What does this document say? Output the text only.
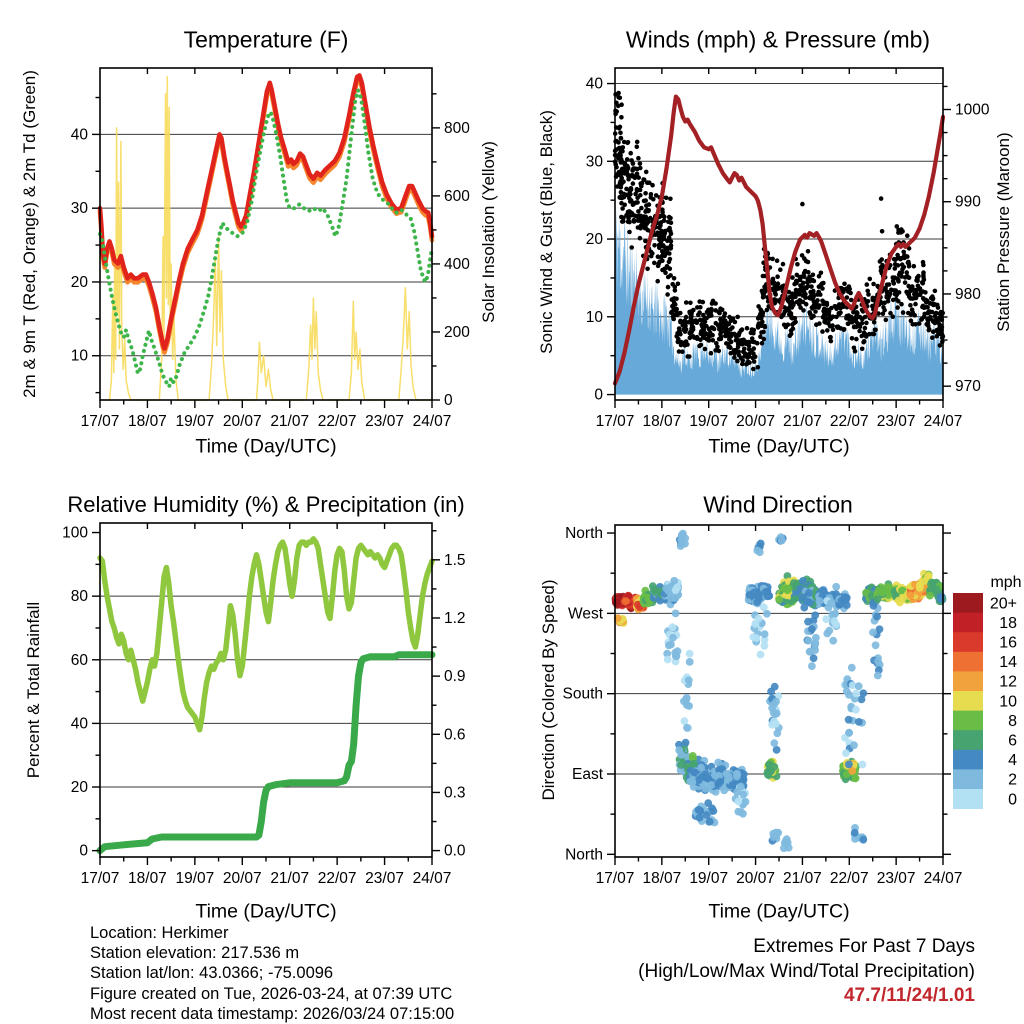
10
20
30
40
0
200
400
600
800
17/07 18/07 19/07 20/07 21/07 22/07 23/07 24/07
0
10
20
30
40
970
980
990
1000
17/07 18/07 19/07 20/07 21/07 22/07 23/07 24/07
0
20
40
60
80
100
0.0
0.3
0.6
0.9
1.2
1.5
17/07 18/07 19/07 20/07 21/07 22/07 23/07 24/07
North
East
South
West
North
17/07 18/07 19/07 20/07 21/07 22/07 23/07 24/07
20+
18
16
14
12
10
8
6
4
2
0
Temperature (F)	Winds (mph) & Pressure (mb)
Relative Humidity (%) & Precipitation (in)	Wind Direction
2m & 9m T (Red, Orange) & 2m Td (Green)	Solar Insolation (Yellow) Sonic Wind & Gust (Blue, Black)	Station Pressure (Maroon)
Percent & Total Rainfall	Direction (Colored By Speed)
Time (Day/UTC)	Time (Day/UTC)
Time (Day/UTC)	Time (Day/UTC)
mph
Location: Herkimer
Station elevation: 217.536 m
Station lat/lon: 43.0366; -75.0096
Figure created on Tue, 2026-03-24, at 07:39 UTC
Most recent data timestamp: 2026/03/24 07:15:00
Extremes For Past 7 Days
(High/Low/Max Wind/Total Precipitation)
47.7/11/24/1.01
